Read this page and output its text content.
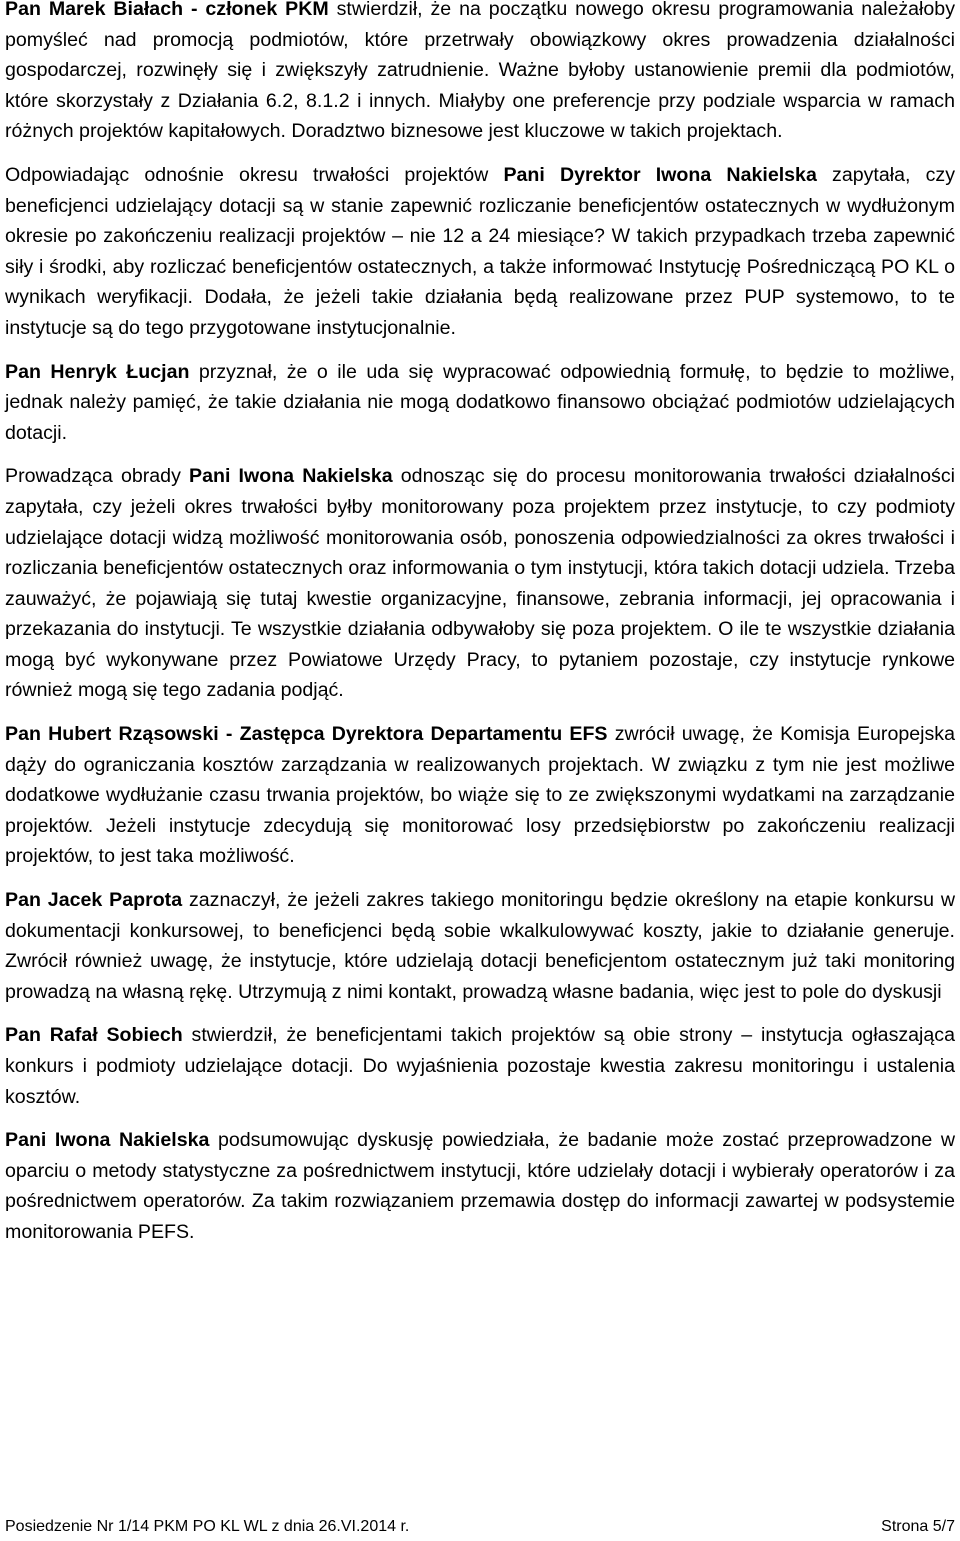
Pan Marek Białach - członek PKM stwierdził, że na początku nowego okresu programowania należałoby pomyśleć nad promocją podmiotów, które przetrwały obowiązkowy okres prowadzenia działalności gospodarczej, rozwinęły się i zwiększyły zatrudnienie. Ważne byłoby ustanowienie premii dla podmiotów, które skorzystały z Działania 6.2, 8.1.2 i innych. Miałyby one preferencje przy podziale wsparcia w ramach różnych projektów kapitałowych. Doradztwo biznesowe jest kluczowe w takich projektach.

Odpowiadając odnośnie okresu trwałości projektów Pani Dyrektor Iwona Nakielska zapytała, czy beneficjenci udzielający dotacji są w stanie zapewnić rozliczanie beneficjentów ostatecznych w wydłużonym okresie po zakończeniu realizacji projektów – nie 12 a 24 miesiące? W takich przypadkach trzeba zapewnić siły i środki, aby rozliczać beneficjentów ostatecznych, a także informować Instytucję Pośredniczącą PO KL o wynikach weryfikacji. Dodała, że jeżeli takie działania będą realizowane przez PUP systemowo, to te instytucje są do tego przygotowane instytucjonalnie.

Pan Henryk Łucjan przyznał, że o ile uda się wypracować odpowiednią formułę, to będzie to możliwe, jednak należy pamięć, że takie działania nie mogą dodatkowo finansowo obciążać podmiotów udzielających dotacji.

Prowadząca obrady Pani Iwona Nakielska odnosząc się do procesu monitorowania trwałości działalności zapytała, czy jeżeli okres trwałości byłby monitorowany poza projektem przez instytucje, to czy podmioty udzielające dotacji widzą możliwość monitorowania osób, ponoszenia odpowiedzialności za okres trwałości i rozliczania beneficjentów ostatecznych oraz informowania o tym instytucji, która takich dotacji udziela. Trzeba zauważyć, że pojawiają się tutaj kwestie organizacyjne, finansowe, zebrania informacji, jej opracowania i przekazania do instytucji. Te wszystkie działania odbywałoby się poza projektem. O ile te wszystkie działania mogą być wykonywane przez Powiatowe Urzędy Pracy, to pytaniem pozostaje, czy instytucje rynkowe również mogą się tego zadania podjąć.

Pan Hubert Rząsowski - Zastępca Dyrektora Departamentu EFS zwrócił uwagę, że Komisja Europejska dąży do ograniczania kosztów zarządzania w realizowanych projektach. W związku z tym nie jest możliwe dodatkowe wydłużanie czasu trwania projektów, bo wiąże się to ze zwiększonymi wydatkami na zarządzanie projektów. Jeżeli instytucje zdecydują się monitorować losy przedsiębiorstw po zakończeniu realizacji projektów, to jest taka możliwość.

Pan Jacek Paprota zaznaczył, że jeżeli zakres takiego monitoringu będzie określony na etapie konkursu w dokumentacji konkursowej, to beneficjenci będą sobie wkalkulowywać koszty, jakie to działanie generuje. Zwrócił również uwagę, że instytucje, które udzielają dotacji beneficjentom ostatecznym już taki monitoring prowadzą na własną rękę. Utrzymują z nimi kontakt, prowadzą własne badania, więc jest to pole do dyskusji

Pan Rafał Sobiech stwierdził, że beneficjentami takich projektów są obie strony – instytucja ogłaszająca konkurs i podmioty udzielające dotacji. Do wyjaśnienia pozostaje kwestia zakresu monitoringu i ustalenia kosztów.

Pani Iwona Nakielska podsumowując dyskusję powiedziała, że badanie może zostać przeprowadzone w oparciu o metody statystyczne za pośrednictwem instytucji, które udzielały dotacji i wybierały operatorów i za pośrednictwem operatorów. Za takim rozwiązaniem przemawia dostęp do informacji zawartej w podsystemie monitorowania PEFS.

Posiedzenie Nr 1/14 PKM PO KL WL z dnia 26.VI.2014 r.	Strona 5/7
